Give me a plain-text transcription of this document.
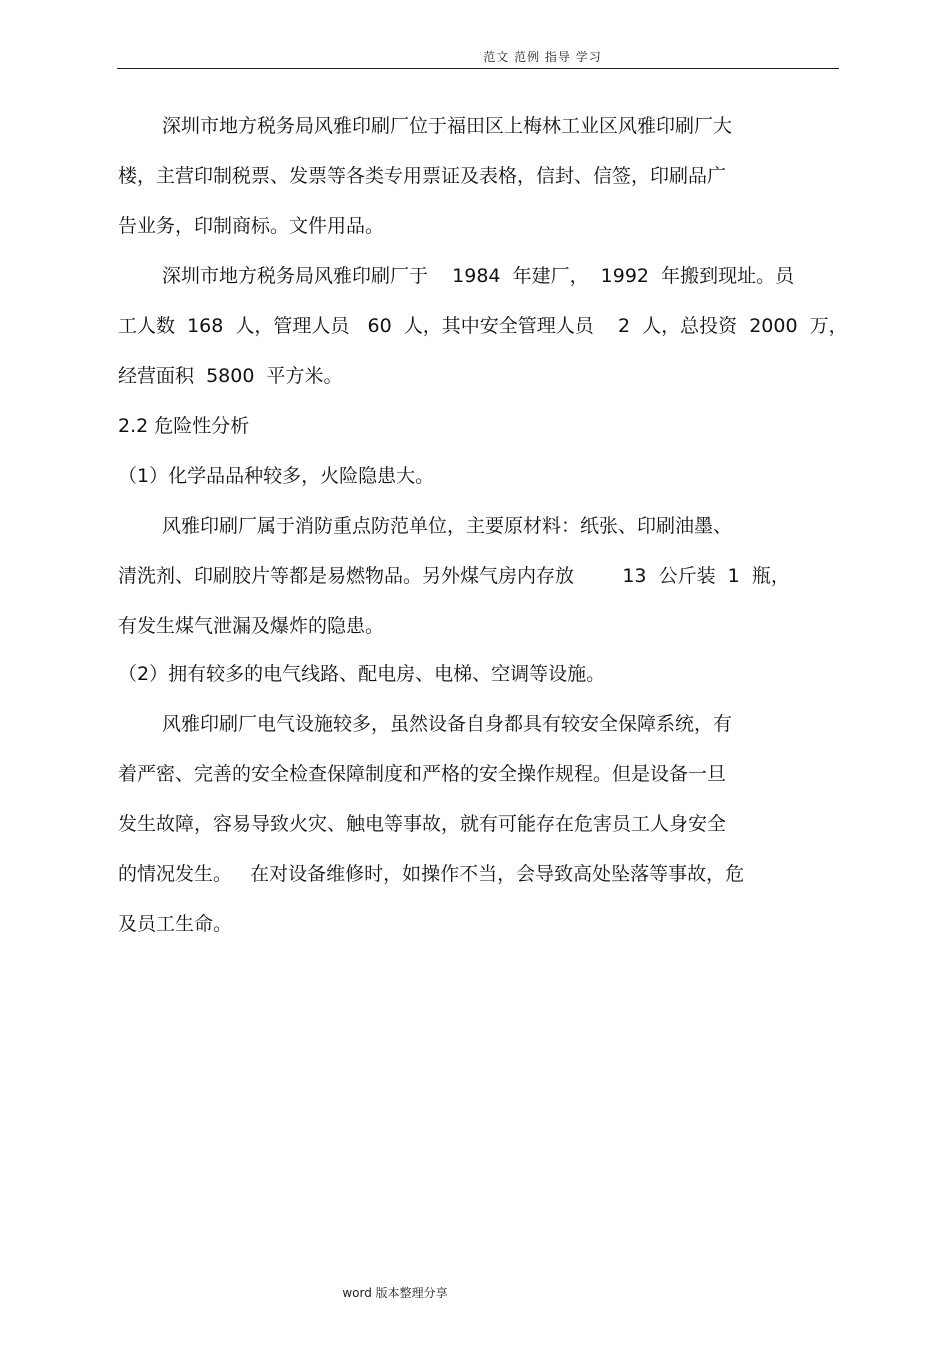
范文 范例 指导 学习
深圳市地方税务局风雅印刷厂位于福田区上梅林工业区风雅印刷厂大
楼，主营印制税票、发票等各类专用票证及表格，信封、信签，印刷品广
告业务，印制商标。文件用品。
深圳市地方税务局风雅印刷厂于    1984  年建厂，  1992  年搬到现址。员
工人数  168  人，管理人员   60  人，其中安全管理人员    2  人，总投资  2000  万，
经营面积  5800  平方米。
2.2 危险性分析
（1）化学品品种较多，火险隐患大。
风雅印刷厂属于消防重点防范单位，主要原材料：纸张、印刷油墨、
清洗剂、印刷胶片等都是易燃物品。另外煤气房内存放        13  公斤装  1  瓶，
有发生煤气泄漏及爆炸的隐患。
（2）拥有较多的电气线路、配电房、电梯、空调等设施。
风雅印刷厂电气设施较多，虽然设备自身都具有较安全保障系统，有
着严密、完善的安全检查保障制度和严格的安全操作规程。但是设备一旦
发生故障，容易导致火灾、触电等事故，就有可能存在危害员工人身安全
的情况发生。   在对设备维修时，如操作不当，会导致高处坠落等事故，危
及员工生命。
word 版本整理分享
